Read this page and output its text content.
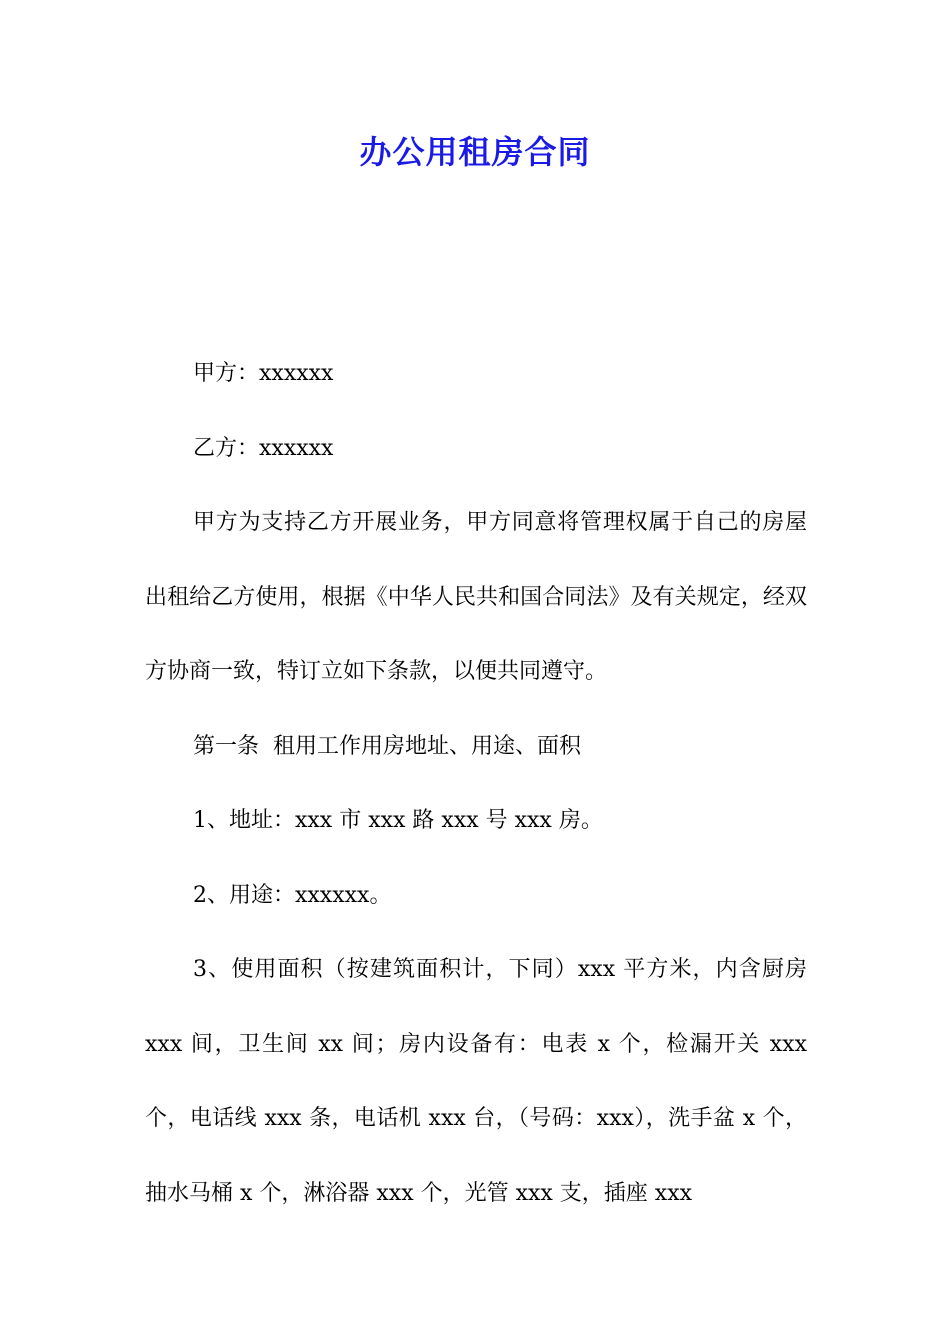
办公用租房合同

甲方：xxxxxx

乙方：xxxxxx

甲方为支持乙方开展业务，甲方同意将管理权属于自己的房屋出租给乙方使用，根据《中华人民共和国合同法》及有关规定，经双方协商一致，特订立如下条款，以便共同遵守。

第一条  租用工作用房地址、用途、面积

1、地址：xxx 市 xxx 路 xxx 号 xxx 房。

2、用途：xxxxxx。

3、使用面积（按建筑面积计，下同）xxx 平方米，内含厨房 xxx 间，卫生间 xx 间；房内设备有：电表 x 个，检漏开关 xxx 个，电话线 xxx 条，电话机 xxx 台，（号码：xxx），洗手盆 x 个，抽水马桶 x 个，淋浴器 xxx 个，光管 xxx 支，插座 xxx
